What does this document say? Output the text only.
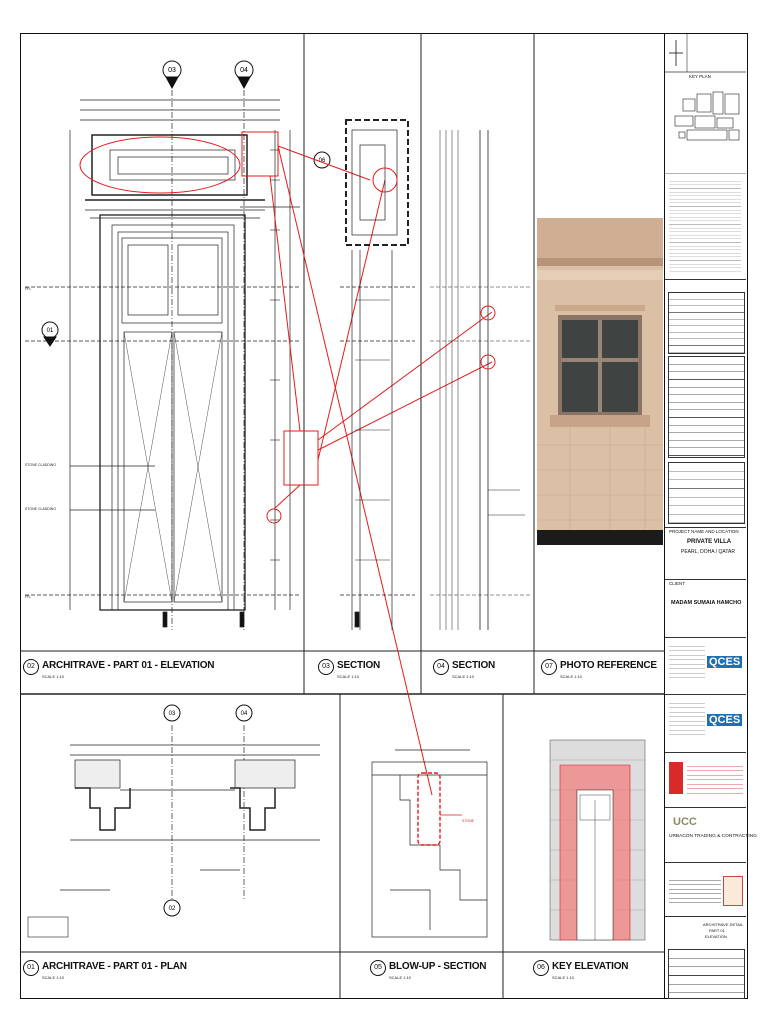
03	04
01
06
03	04
02
STONE CLADDING
STONE CLADDING
FFL
FFL
STONE
02 ARCHITRAVE - PART 01 - ELEVATION
SCALE 1:10
03 SECTION
SCALE 1:10
04 SECTION
SCALE 1:10
07 PHOTO REFERENCE
SCALE 1:10
01 ARCHITRAVE - PART 01 - PLAN
SCALE 1:10
05 BLOW-UP - SECTION
SCALE 1:10
06 KEY ELEVATION
SCALE 1:10
KEY PLAN
PROJECT NAME AND LOCATION
PRIVATE VILLA
PEARL, DOHA / QATAR
CLIENT
MADAM SUMAIA HAMCHO
QCES
QCES
UCC
URBACON TRADING & CONTRACTING
ARCHITRAVE DETAIL
PART 01
ELEVATION
